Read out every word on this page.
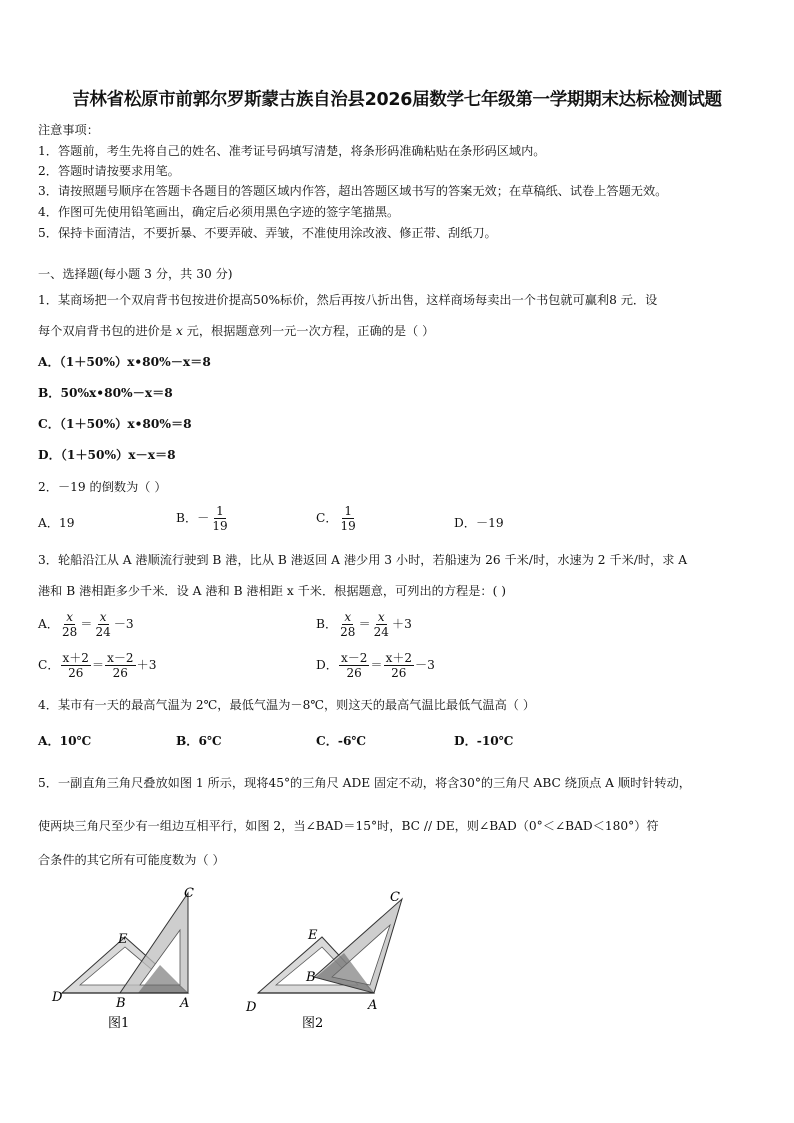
吉林省松原市前郭尔罗斯蒙古族自治县2026届数学七年级第一学期期末达标检测试题
注意事项：
1．答题前，考生先将自己的姓名、准考证号码填写清楚，将条形码准确粘贴在条形码区域内。
2．答题时请按要求用笔。
3．请按照题号顺序在答题卡各题目的答题区域内作答，超出答题区域书写的答案无效；在草稿纸、试卷上答题无效。
4．作图可先使用铅笔画出，确定后必须用黑色字迹的签字笔描黑。
5．保持卡面清洁，不要折暴、不要弄破、弄皱，不准使用涂改液、修正带、刮纸刀。
一、选择题(每小题 3 分，共 30 分)
1．某商场把一个双肩背书包按进价提高50%标价，然后再按八折出售，这样商场每卖出一个书包就可赢利8 元．设
每个双肩背书包的进价是 x 元，根据题意列一元一次方程，正确的是（ ）
A．（1＋50%）x•80%－x＝8
B．50%x•80%－x＝8
C．（1＋50%）x•80%＝8
D．（1＋50%）x－x＝8
2．－19 的倒数为（ ）
A．19	B．－ $\frac{1}{19}$	C． $\frac{1}{19}$	D．－19
3．轮船沿江从 A 港顺流行驶到 B 港，比从 B 港返回 A 港少用 3 小时，若船速为 26 千米/时，水速为 2 千米/时，求 A
港和 B 港相距多少千米．设 A 港和 B 港相距 x 千米．根据题意，可列出的方程是：( )
A． $\frac{x}{28} = \frac{x}{24} -3$	B． $\frac{x}{28} = \frac{x}{24} +3$
C． $\frac{x+2}{26} = \frac{x-2}{26} +3$	D． $\frac{x-2}{26} = \frac{x+2}{26} -3$
4．某市有一天的最高气温为 2℃，最低气温为－8℃，则这天的最高气温比最低气温高（ ）
A．10℃	B．6℃	C．-6℃	D．-10℃
5．一副直角三角尺叠放如图 1 所示，现将45°的三角尺 ADE 固定不动，将含30°的三角尺 ABC 绕顶点 A 顺时针转动，
使两块三角尺至少有一组边互相平行，如图 2，当∠BAD＝15°时，BC // DE，则∠BAD（0°＜∠BAD＜180°）符
合条件的其它所有可能度数为（ ）
D
E
B	A
C
图1
D
E
B
A
C
图2
